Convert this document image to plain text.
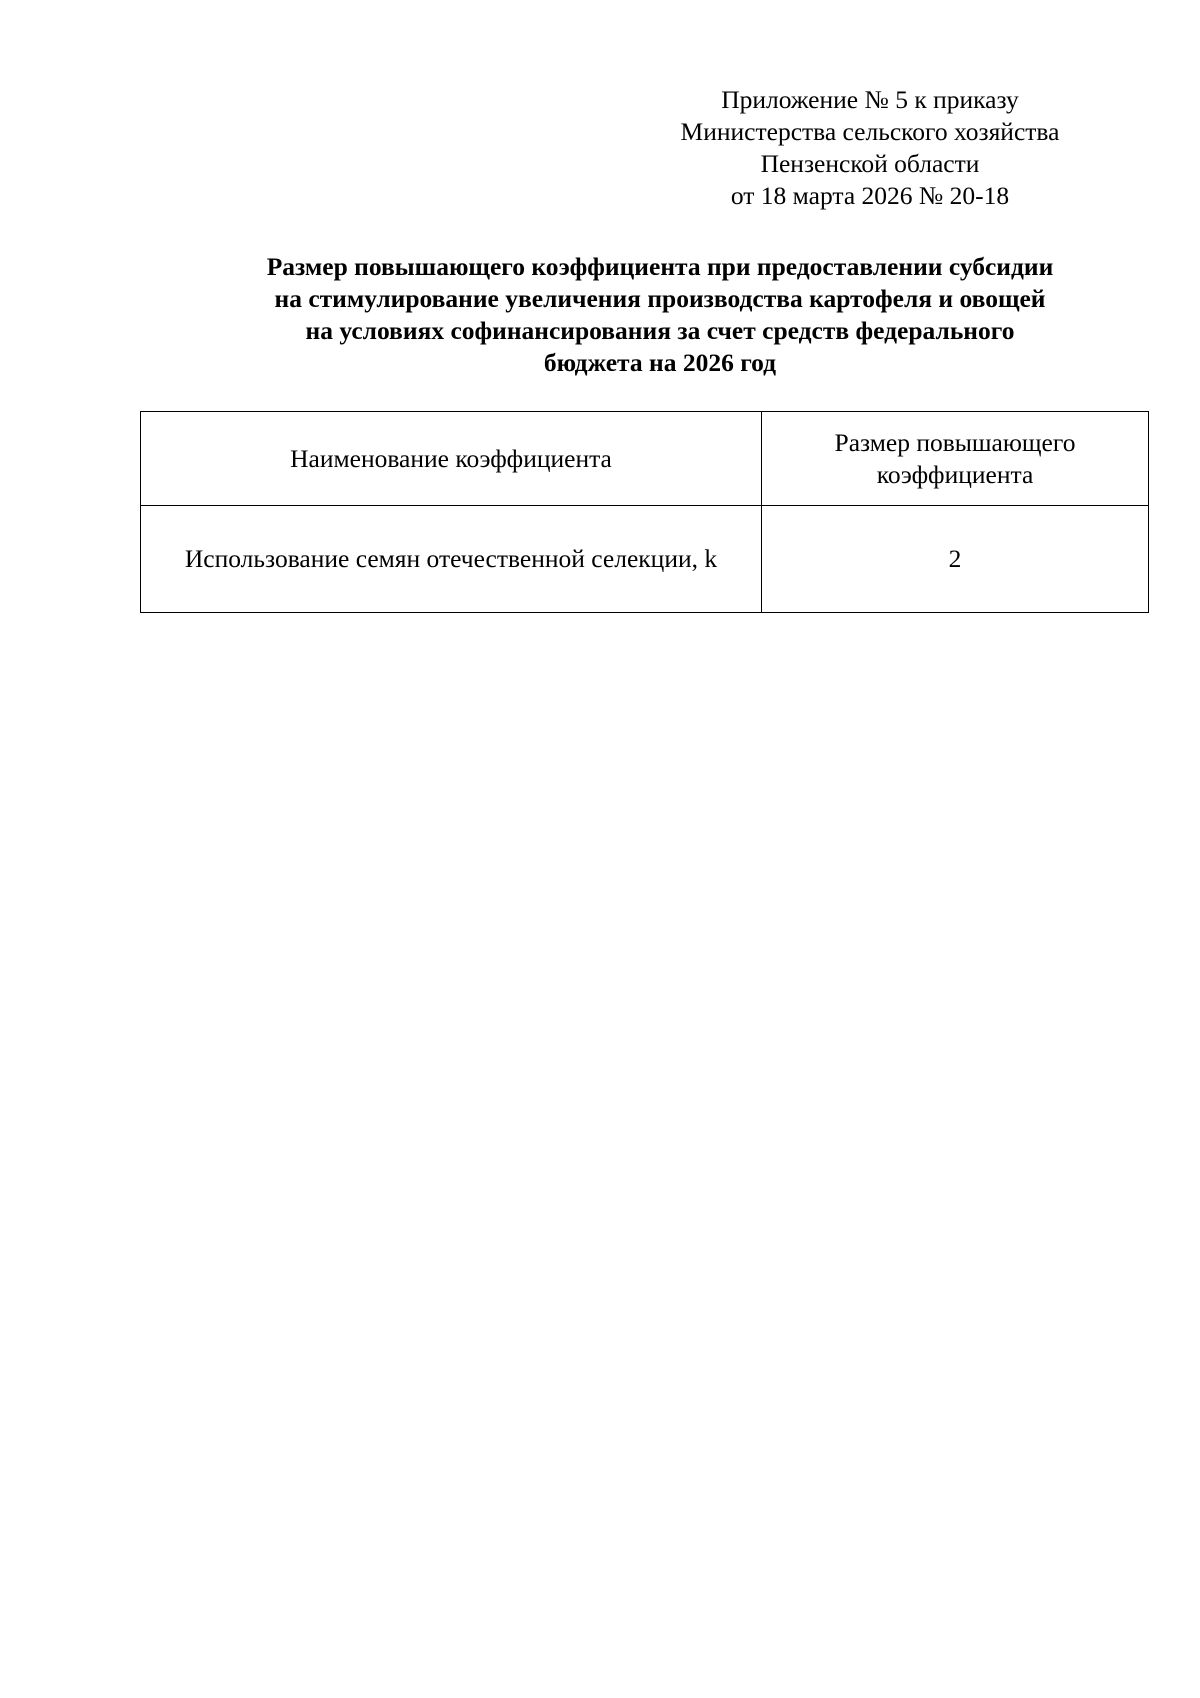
Приложение № 5 к приказу
Министерства сельского хозяйства
Пензенской области
от 18 марта 2026 № 20-18
Размер повышающего коэффициента при предоставлении субсидии
на стимулирование увеличения производства картофеля и овощей
на условиях софинансирования за счет средств федерального
бюджета на 2026 год
Наименование коэффициента	Размер повышающего коэффициента
Использование семян отечественной селекции, k	2
